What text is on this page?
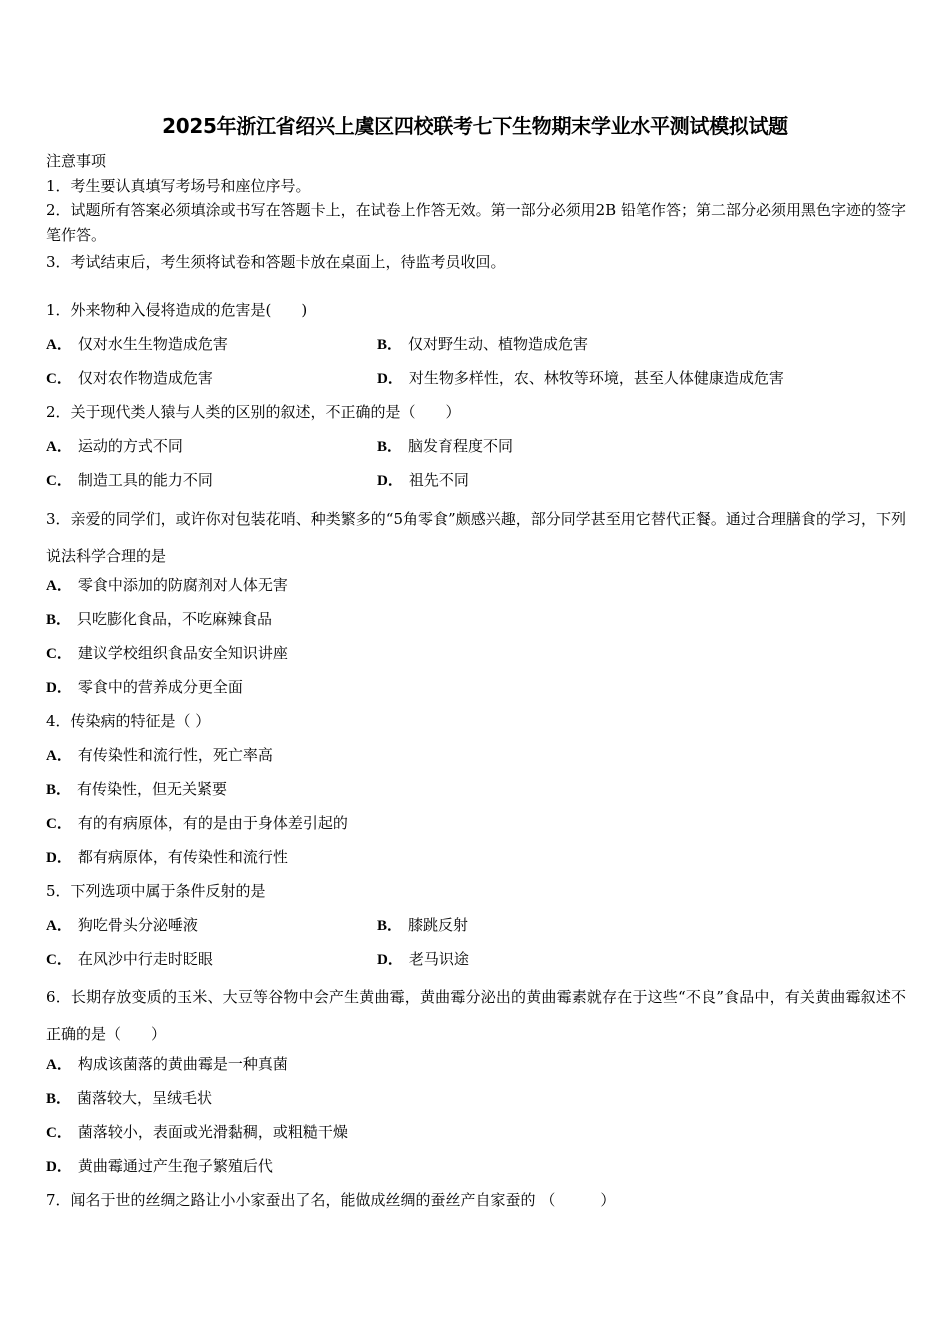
2025年浙江省绍兴上虞区四校联考七下生物期末学业水平测试模拟试题
注意事项
1．考生要认真填写考场号和座位序号。
2．试题所有答案必须填涂或书写在答题卡上，在试卷上作答无效。第一部分必须用2B 铅笔作答；第二部分必须用黑色字迹的签字笔作答。
3．考试结束后，考生须将试卷和答题卡放在桌面上，待监考员收回。
1．外来物种入侵将造成的危害是(　　)
A． 仅对水生生物造成危害	B． 仅对野生动、植物造成危害
C． 仅对农作物造成危害	D． 对生物多样性，农、林牧等环境，甚至人体健康造成危害
2．关于现代类人猿与人类的区别的叙述，不正确的是（　　）
A． 运动的方式不同	B． 脑发育程度不同
C． 制造工具的能力不同	D． 祖先不同
3．亲爱的同学们，或许你对包装花哨、种类繁多的“5角零食”颇感兴趣，部分同学甚至用它替代正餐。通过合理膳食的学习，下列说法科学合理的是
A． 零食中添加的防腐剂对人体无害
B． 只吃膨化食品，不吃麻辣食品
C． 建议学校组织食品安全知识讲座
D． 零食中的营养成分更全面
4．传染病的特征是（ ）
A． 有传染性和流行性，死亡率高
B． 有传染性，但无关紧要
C． 有的有病原体，有的是由于身体差引起的
D． 都有病原体，有传染性和流行性
5．下列选项中属于条件反射的是
A． 狗吃骨头分泌唾液	B． 膝跳反射
C． 在风沙中行走时眨眼	D． 老马识途
6．长期存放变质的玉米、大豆等谷物中会产生黄曲霉，黄曲霉分泌出的黄曲霉素就存在于这些“不良”食品中，有关黄曲霉叙述不正确的是（　　）
A． 构成该菌落的黄曲霉是一种真菌
B． 菌落较大，呈绒毛状
C． 菌落较小，表面或光滑黏稠，或粗糙干燥
D． 黄曲霉通过产生孢子繁殖后代
7．闻名于世的丝绸之路让小小家蚕出了名，能做成丝绸的蚕丝产自家蚕的 （　　　）
